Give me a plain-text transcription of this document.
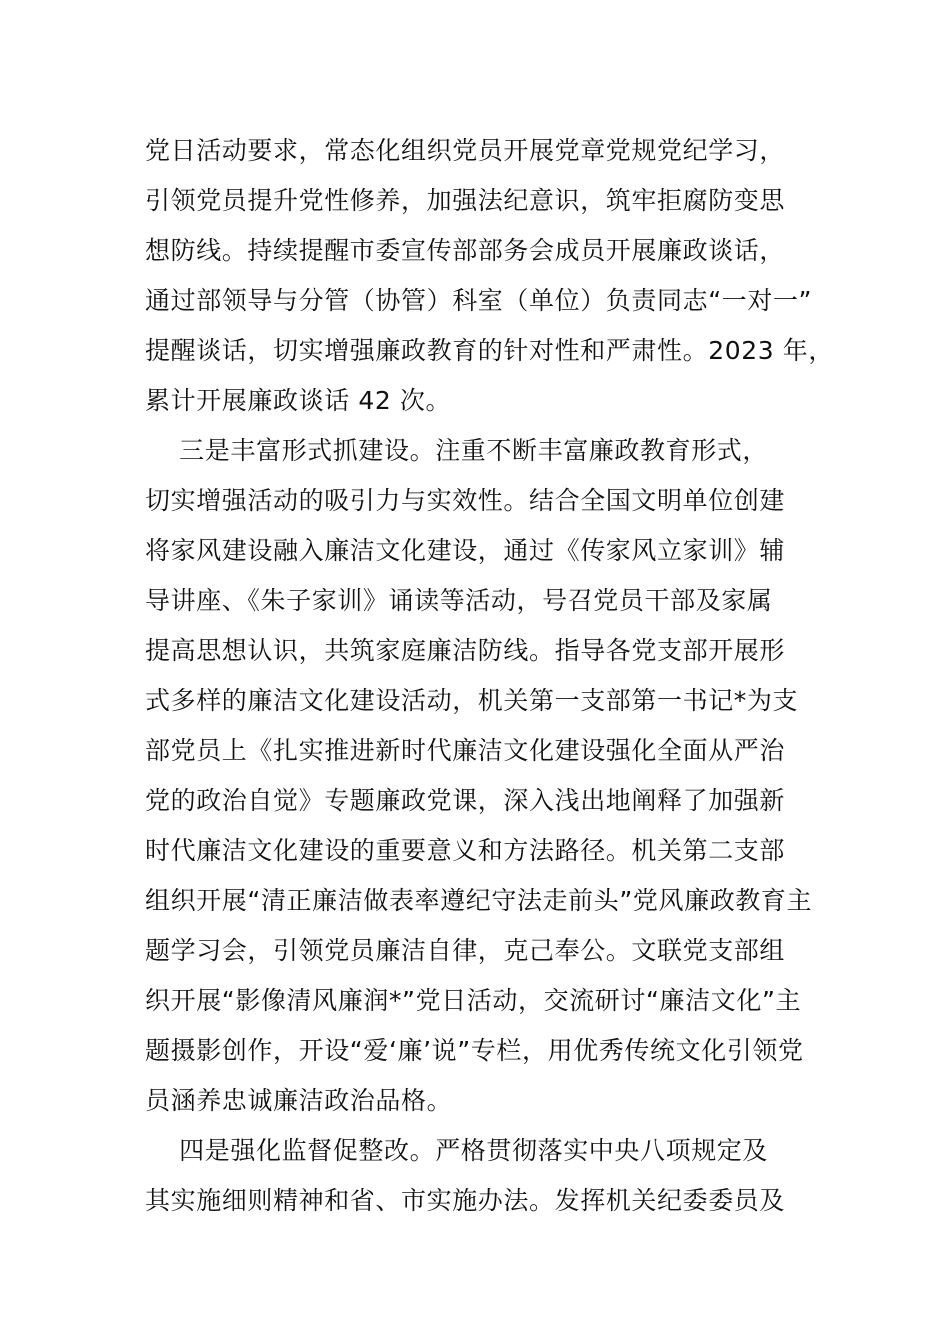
党日活动要求，常态化组织党员开展党章党规党纪学习，
引领党员提升党性修养，加强法纪意识，筑牢拒腐防变思
想防线。持续提醒市委宣传部部务会成员开展廉政谈话，
通过部领导与分管（协管）科室（单位）负责同志“一对一”
提醒谈话，切实增强廉政教育的针对性和严肃性。2023 年，
累计开展廉政谈话 42 次。
三是丰富形式抓建设。注重不断丰富廉政教育形式，
切实增强活动的吸引力与实效性。结合全国文明单位创建
将家风建设融入廉洁文化建设，通过《传家风立家训》辅
导讲座、《朱子家训》诵读等活动，号召党员干部及家属
提高思想认识，共筑家庭廉洁防线。指导各党支部开展形
式多样的廉洁文化建设活动，机关第一支部第一书记*为支
部党员上《扎实推进新时代廉洁文化建设强化全面从严治
党的政治自觉》专题廉政党课，深入浅出地阐释了加强新
时代廉洁文化建设的重要意义和方法路径。机关第二支部
组织开展“清正廉洁做表率遵纪守法走前头”党风廉政教育主
题学习会，引领党员廉洁自律，克己奉公。文联党支部组
织开展“影像清风廉润*”党日活动，交流研讨“廉洁文化”主
题摄影创作，开设“爱‘廉’说”专栏，用优秀传统文化引领党
员涵养忠诚廉洁政治品格。
四是强化监督促整改。严格贯彻落实中央八项规定及
其实施细则精神和省、市实施办法。发挥机关纪委委员及
